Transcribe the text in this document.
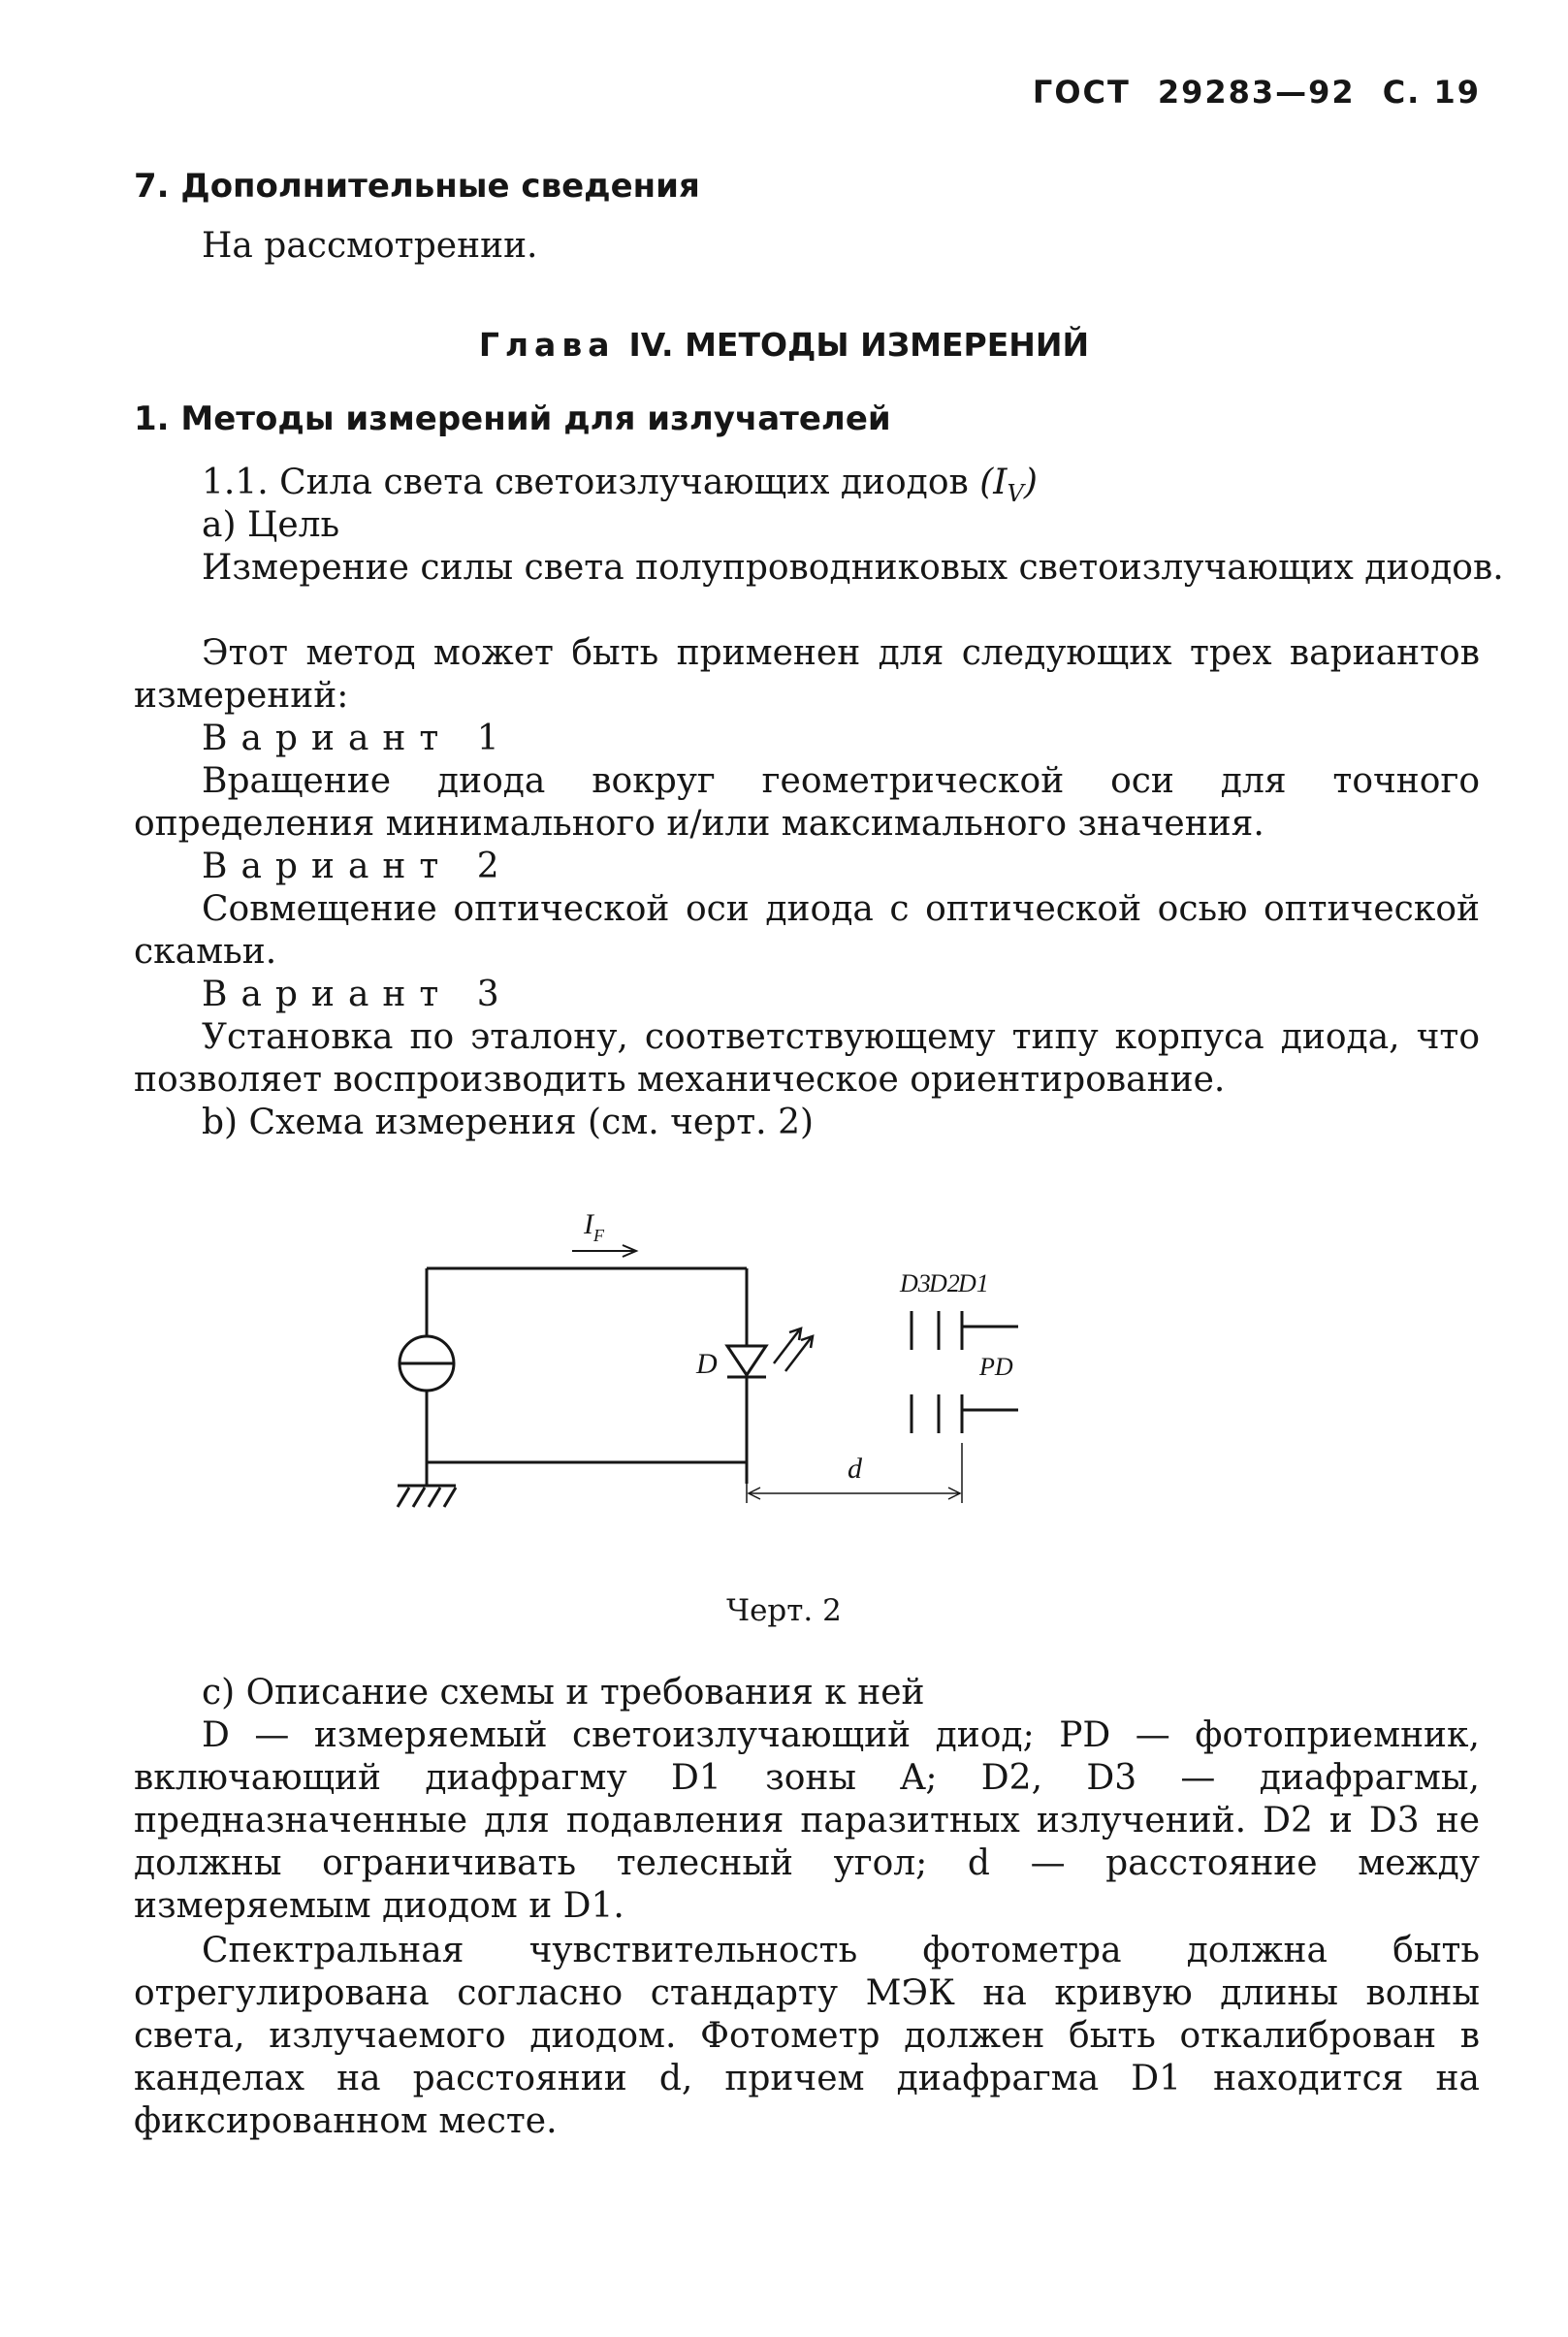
ГОСТ 29283—92 С. 19

7. Дополнительные сведения

На рассмотрении.

Глава IV. МЕТОДЫ ИЗМЕРЕНИЙ

1. Методы измерений для излучателей

1.1. Сила света светоизлучающих диодов $(I_V)$

а) Цель

Измерение силы света полупроводниковых светоизлучающих диодов.

Этот метод может быть применен для следующих трех вариантов измерений:

Вариант 1

Вращение диода вокруг геометрической оси для точного определения минимального и/или максимального значения.

Вариант 2

Совмещение оптической оси диода с оптической осью оптической скамьи.

Вариант 3

Установка по эталону, соответствующему типу корпуса диода, что позволяет воспроизводить механическое ориентирование.

b) Схема измерения (см. черт. 2)

$I_F$
D
D3
D2
D1
PD
d

Черт. 2

с) Описание схемы и требования к ней

D — измеряемый светоизлучающий диод; PD — фотоприемник, включающий диафрагму D1 зоны A; D2, D3 — диафрагмы, предназначенные для подавления паразитных излучений. D2 и D3 не должны ограничивать телесный угол; d — расстояние между измеряемым диодом и D1.

Спектральная чувствительность фотометра должна быть отрегулирована согласно стандарту МЭК на кривую длины волны света, излучаемого диодом. Фотометр должен быть откалиброван в канделах на расстоянии d, причем диафрагма D1 находится на фиксированном месте.
